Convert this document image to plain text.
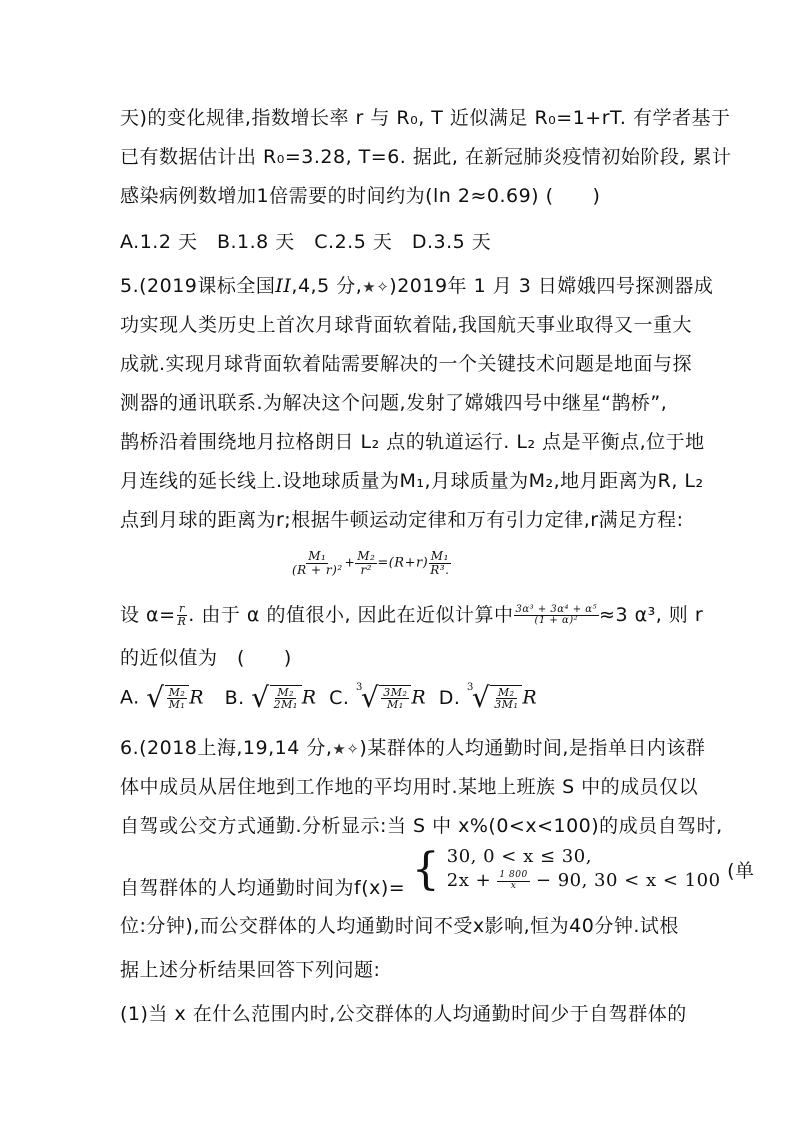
天)的变化规律,指数增长率 r 与 R₀, T 近似满足 R₀=1+rT. 有学者基于
已有数据估计出 R₀=3.28, T=6. 据此, 在新冠肺炎疫情初始阶段, 累计
感染病例数增加1倍需要的时间约为(ln 2≈0.69) (　　)
A.1.2 天　B.1.8 天　C.2.5 天　D.3.5 天
5.(2019课标全国II,4,5 分,★✧)2019年 1 月 3 日嫦娥四号探测器成
功实现人类历史上首次月球背面软着陆,我国航天事业取得又一重大
成就.实现月球背面软着陆需要解决的一个关键技术问题是地面与探
测器的通讯联系.为解决这个问题,发射了嫦娥四号中继星“鹊桥”,
鹊桥沿着围绕地月拉格朗日 L₂ 点的轨道运行. L₂ 点是平衡点,位于地
月连线的延长线上.设地球质量为M₁,月球质量为M₂,地月距离为R, L₂
点到月球的距离为r;根据牛顿运动定律和万有引力定律,r满足方程:
$\frac{\text{M₁}}{\text{(R + r)²}} + \frac{\text{M₂}}{\text{r²}} =(R+r) \frac{\text{M₁}}{\text{R³.}}$
设 $\alpha= \frac{r}{R}$ . 由于 α 的值很小, 因此在近似计算中 $\frac{\text{3α³ + 3α⁴ + α⁵}}{\text{(1 + α)²}} \approx 3$ α³, 则 r
的近似值为　(　　)
A. √ $\frac{\text{M₂}}{\text{M₁}}$ R B. √ $\frac{\text{M₂}}{\text{2M₁}}$ R C. 3
√ $\frac{\text{3M₂}}{\text{M₁}}$ R D. 3
√ $\frac{\text{M₂}}{\text{3M₁}}$ R
6.(2018上海,19,14 分,★✧)某群体的人均通勤时间,是指单日内该群
体中成员从居住地到工作地的平均用时.某地上班族 S 中的成员仅以
自驾或公交方式通勤.分析显示:当 S 中 x%(0<x<100)的成员自驾时,
自驾群体的人均通勤时间为f(x)= { 30, 0 < x ≤ 30,
$2x + \frac{1 800}{x} - 90$, 30 < x < 100 (单
位:分钟),而公交群体的人均通勤时间不受x影响,恒为40分钟.试根
据上述分析结果回答下列问题:
(1)当 x 在什么范围内时,公交群体的人均通勤时间少于自驾群体的
